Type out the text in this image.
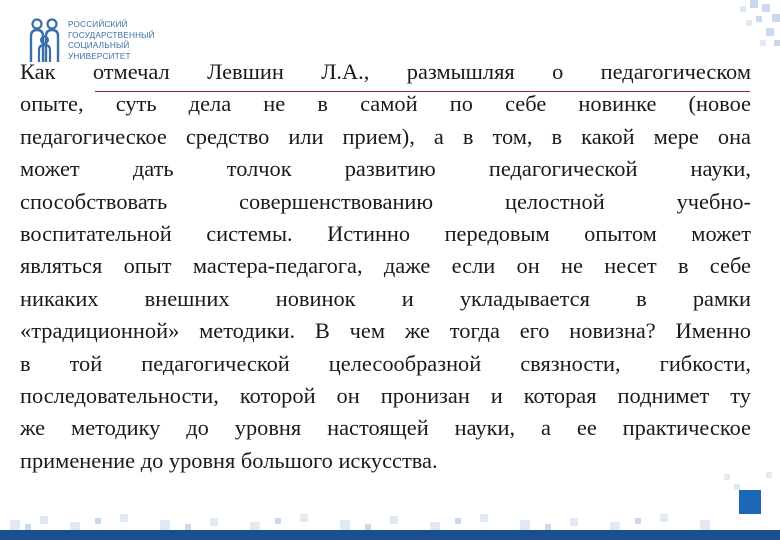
РОССИЙСКИЙ
ГОСУДАРСТВЕННЫЙ
СОЦИАЛЬНЫЙ
УНИВЕРСИТЕТ

Как отмечал Левшин Л.А., размышляя о педагогическом
опыте, суть дела не в самой по себе новинке (новое
педагогическое средство или прием), а в том, в какой мере она
может дать толчок развитию педагогической науки,
способствовать совершенствованию целостной учебно-
воспитательной системы. Истинно передовым опытом может
являться опыт мастера-педагога, даже если он не несет в себе
никаких внешних новинок и укладывается в рамки
«традиционной» методики. В чем же тогда его новизна? Именно
в той педагогической целесообразной связности, гибкости,
последовательности, которой он пронизан и которая поднимет ту
же методику до уровня настоящей науки, а ее практическое
применение до уровня большого искусства.
